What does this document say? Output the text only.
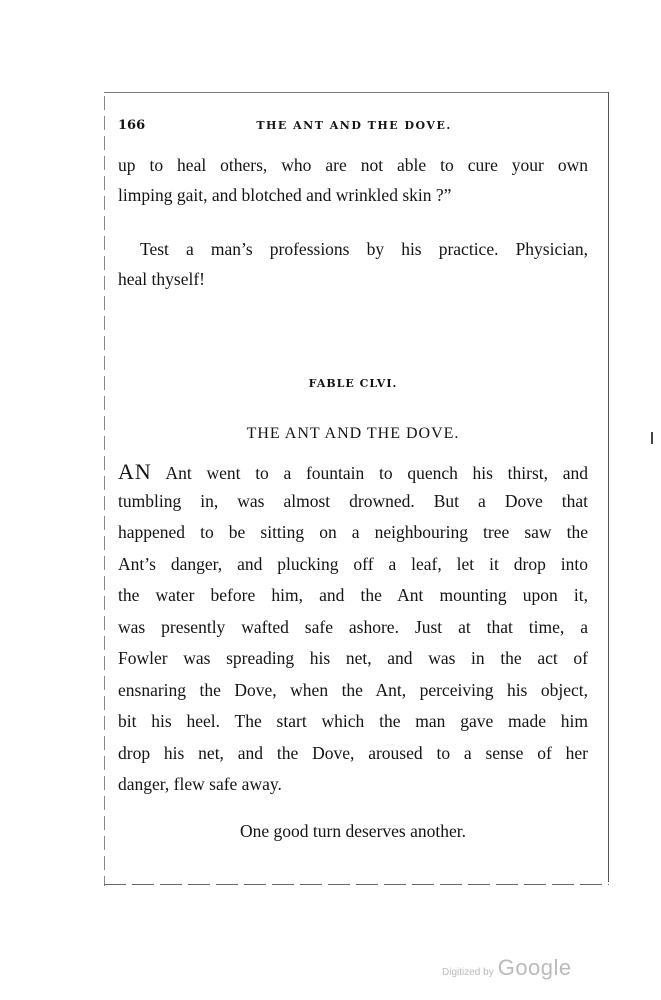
166	THE ANT AND THE DOVE.
up to heal others, who are not able to cure your own
limping gait, and blotched and wrinkled skin ?”
Test a man’s professions by his practice. Physician,
heal thyself!
FABLE CLVI.
THE ANT AND THE DOVE.
AN Ant went to a fountain to quench his thirst, and
tumbling in, was almost drowned. But a Dove that
happened to be sitting on a neighbouring tree saw the
Ant’s danger, and plucking off a leaf, let it drop into
the water before him, and the Ant mounting upon it,
was presently wafted safe ashore. Just at that time, a
Fowler was spreading his net, and was in the act of
ensnaring the Dove, when the Ant, perceiving his object,
bit his heel. The start which the man gave made him
drop his net, and the Dove, aroused to a sense of her
danger, flew safe away.
One good turn deserves another.
Digitized by Google
